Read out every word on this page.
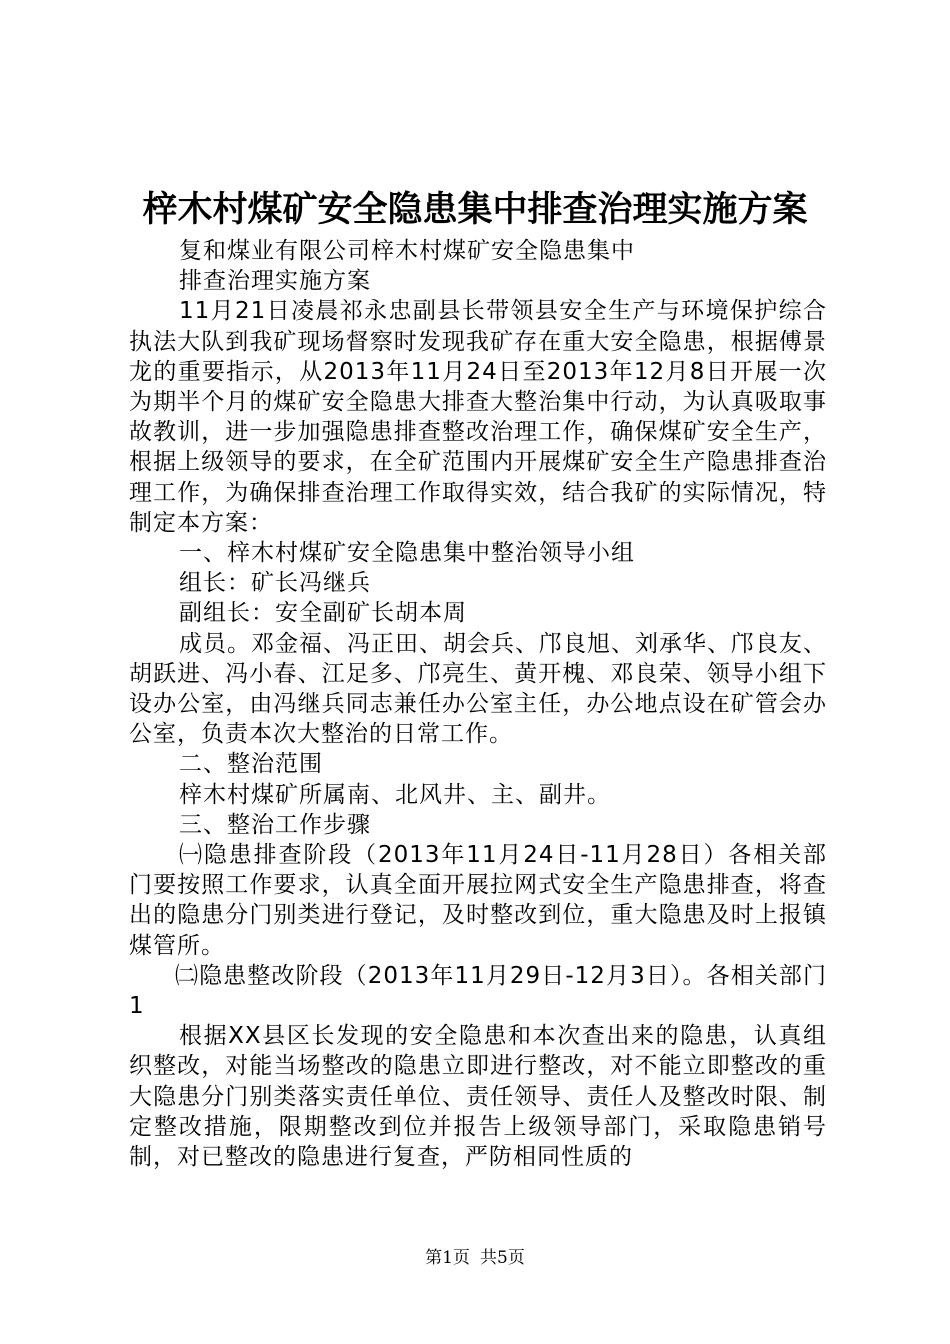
梓木村煤矿安全隐患集中排查治理实施方案

复和煤业有限公司梓木村煤矿安全隐患集中

排查治理实施方案

11月21日凌晨祁永忠副县长带领县安全生产与环境保护综合执法大队到我矿现场督察时发现我矿存在重大安全隐患，根据傅景龙的重要指示，从2013年11月24日至2013年12月8日开展一次为期半个月的煤矿安全隐患大排查大整治集中行动，为认真吸取事故教训，进一步加强隐患排查整改治理工作，确保煤矿安全生产，根据上级领导的要求，在全矿范围内开展煤矿安全生产隐患排查治理工作，为确保排查治理工作取得实效，结合我矿的实际情况，特制定本方案：

一、梓木村煤矿安全隐患集中整治领导小组

组长：矿长冯继兵

副组长：安全副矿长胡本周

成员。邓金福、冯正田、胡会兵、邝良旭、刘承华、邝良友、胡跃进、冯小春、江足多、邝亮生、黄开槐、邓良荣、领导小组下设办公室，由冯继兵同志兼任办公室主任，办公地点设在矿管会办公室，负责本次大整治的日常工作。

二、整治范围

梓木村煤矿所属南、北风井、主、副井。

三、整治工作步骤

㈠隐患排查阶段（2013年11月24日-11月28日）各相关部门要按照工作要求，认真全面开展拉网式安全生产隐患排查，将查出的隐患分门别类进行登记，及时整改到位，重大隐患及时上报镇煤管所。

㈡隐患整改阶段（2013年11月29日-12月3日）。各相关部门1

根据XX县区长发现的安全隐患和本次查出来的隐患，认真组织整改，对能当场整改的隐患立即进行整改，对不能立即整改的重大隐患分门别类落实责任单位、责任领导、责任人及整改时限、制定整改措施，限期整改到位并报告上级领导部门，采取隐患销号制，对已整改的隐患进行复查，严防相同性质的

第1页 共5页
